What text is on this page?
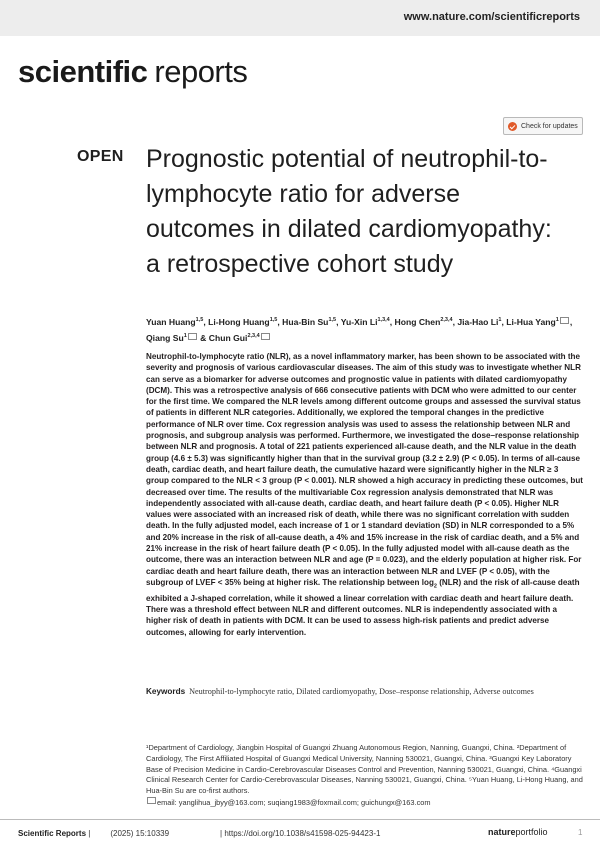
www.nature.com/scientificreports
scientific reports
Check for updates
OPEN Prognostic potential of neutrophil-to-lymphocyte ratio for adverse outcomes in dilated cardiomyopathy: a retrospective cohort study
Yuan Huang$^{1,5}$, Li-Hong Huang$^{1,5}$, Hua-Bin Su$^{1,5}$, Yu-Xin Li$^{1,3,4}$, Hong Chen$^{2,3,4}$, Jia-Hao Li$^1$, Li-Hua Yang$^1$ , Qiang Su$^1$ & Chun Gui$^{2,3,4}$
Neutrophil-to-lymphocyte ratio (NLR), as a novel inflammatory marker, has been shown to be associated with the severity and prognosis of various cardiovascular diseases. The aim of this study was to investigate whether NLR can serve as a biomarker for adverse outcomes and prognostic value in patients with dilated cardiomyopathy (DCM). This was a retrospective analysis of 666 consecutive patients with DCM who were admitted to our center for the first time. We compared the NLR levels among different outcome groups and assessed the survival status of patients in different NLR categories. Additionally, we explored the temporal changes in the predictive performance of NLR over time. Cox regression analysis was used to assess the relationship between NLR and prognosis, and subgroup analysis was performed. Furthermore, we investigated the dose–response relationship between NLR and prognosis. A total of 221 patients experienced all-cause death, and the NLR value in the death group (4.6 ± 5.3) was significantly higher than that in the survival group (3.2 ± 2.9) (P < 0.05). In terms of all-cause death, cardiac death, and heart failure death, the cumulative hazard were significantly higher in the NLR ≥ 3 group compared to the NLR < 3 group (P < 0.001). NLR showed a high accuracy in predicting these outcomes, but decreased over time. The results of the multivariable Cox regression analysis demonstrated that NLR was independently associated with all-cause death, cardiac death, and heart failure death (P < 0.05). Higher NLR values were associated with an increased risk of death, while there was no significant correlation with sudden death. In the fully adjusted model, each increase of 1 or 1 standard deviation (SD) in NLR corresponded to a 5% and 20% increase in the risk of all-cause death, a 4% and 15% increase in the risk of cardiac death, and a 5% and 21% increase in the risk of heart failure death (P < 0.05). In the fully adjusted model with all-cause death as the outcome, there was an interaction between NLR and age (P = 0.023), and the elderly population at higher risk. For cardiac death and heart failure death, there was an interaction between NLR and LVEF (P < 0.05), with the subgroup of LVEF < 35% being at higher risk. The relationship between $\log_2 (NLR)$ and the risk of all-cause death exhibited a J-shaped correlation, while it showed a linear correlation with cardiac death and heart failure death. There was a threshold effect between NLR and different outcomes. NLR is independently associated with a higher risk of death in patients with DCM. It can be used to assess high-risk patients and predict adverse outcomes, allowing for early intervention.
Keywords Neutrophil-to-lymphocyte ratio, Dilated cardiomyopathy, Dose–response relationship, Adverse outcomes
¹Department of Cardiology, Jiangbin Hospital of Guangxi Zhuang Autonomous Region, Nanning, Guangxi, China. ²Department of Cardiology, The First Affiliated Hospital of Guangxi Medical University, Nanning 530021, Guangxi, China. ³Guangxi Key Laboratory Base of Precision Medicine in Cardio-Cerebrovascular Diseases Control and Prevention, Nanning 530021, Guangxi, China. ⁴Guangxi Clinical Research Center for Cardio-Cerebrovascular Diseases, Nanning 530021, Guangxi, China. ⁵Yuan Huang, Li-Hong Huang, and Hua-Bin Su are co-first authors.
email: yanglihua_jbyy@163.com; suqiang1983@foxmail.com; guichungx@163.com
Scientific Reports |         (2025) 15:10339	| https://doi.org/10.1038/s41598-025-94423-1	natureportfolio	1
